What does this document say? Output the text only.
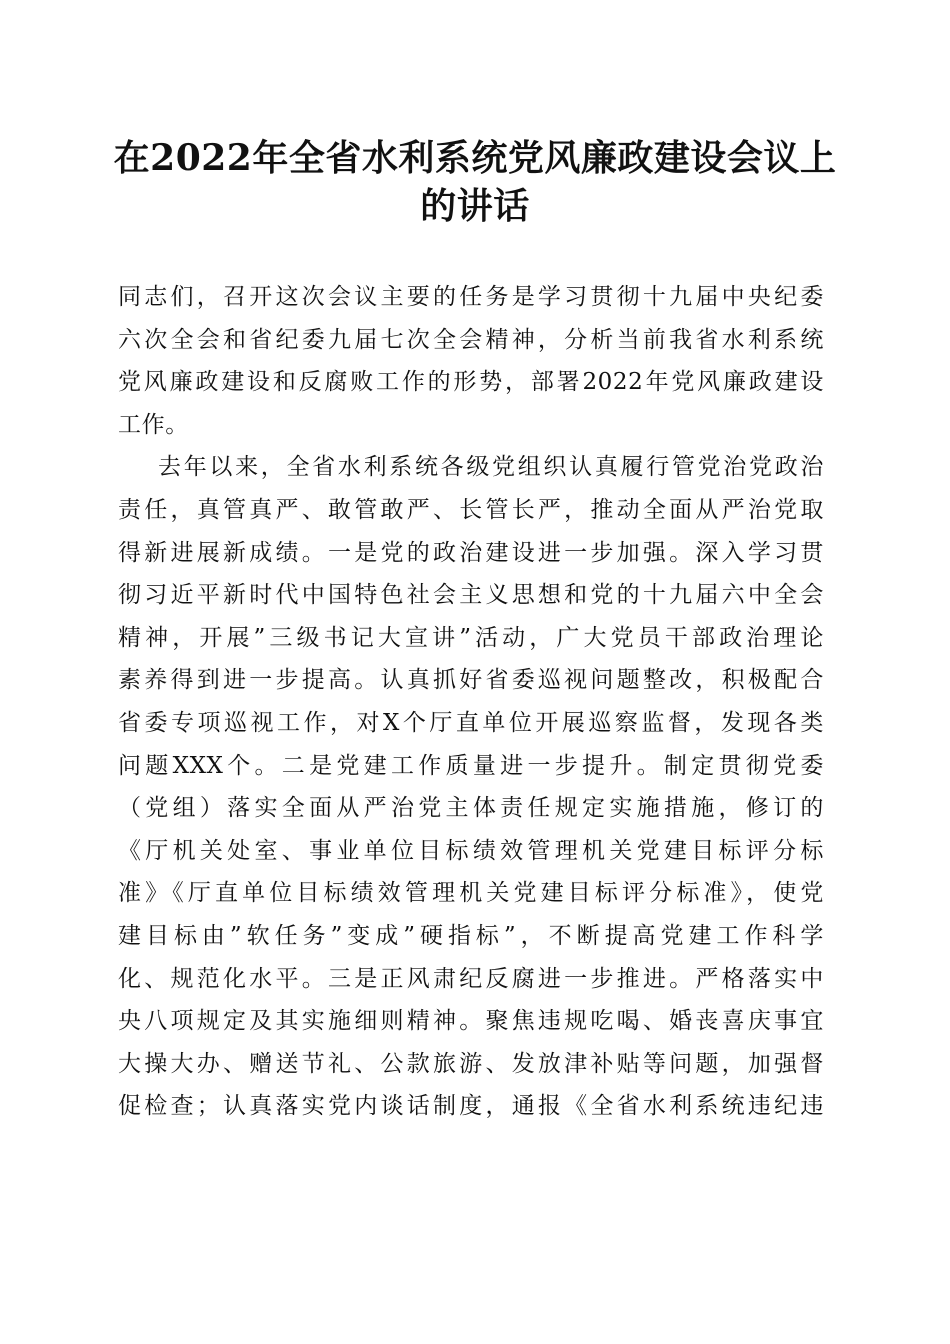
在2022年全省水利系统党风廉政建设会议上
的讲话

同志们，召开这次会议主要的任务是学习贯彻十九届中央纪委
六次全会和省纪委九届七次全会精神，分析当前我省水利系统
党风廉政建设和反腐败工作的形势，部署2022年党风廉政建设
工作。

去年以来，全省水利系统各级党组织认真履行管党治党政治
责任，真管真严、敢管敢严、长管长严，推动全面从严治党取
得新进展新成绩。一是党的政治建设进一步加强。深入学习贯
彻习近平新时代中国特色社会主义思想和党的十九届六中全会
精神，开展”三级书记大宣讲”活动，广大党员干部政治理论
素养得到进一步提高。认真抓好省委巡视问题整改，积极配合
省委专项巡视工作，对X个厅直单位开展巡察监督，发现各类
问题XXX个。二是党建工作质量进一步提升。制定贯彻党委
（党组）落实全面从严治党主体责任规定实施措施，修订的
《厅机关处室、事业单位目标绩效管理机关党建目标评分标
准》《厅直单位目标绩效管理机关党建目标评分标准》，使党
建目标由”软任务”变成”硬指标”，不断提高党建工作科学
化、规范化水平。三是正风肃纪反腐进一步推进。严格落实中
央八项规定及其实施细则精神。聚焦违规吃喝、婚丧喜庆事宜
大操大办、赠送节礼、公款旅游、发放津补贴等问题，加强督
促检查；认真落实党内谈话制度，通报《全省水利系统违纪违
